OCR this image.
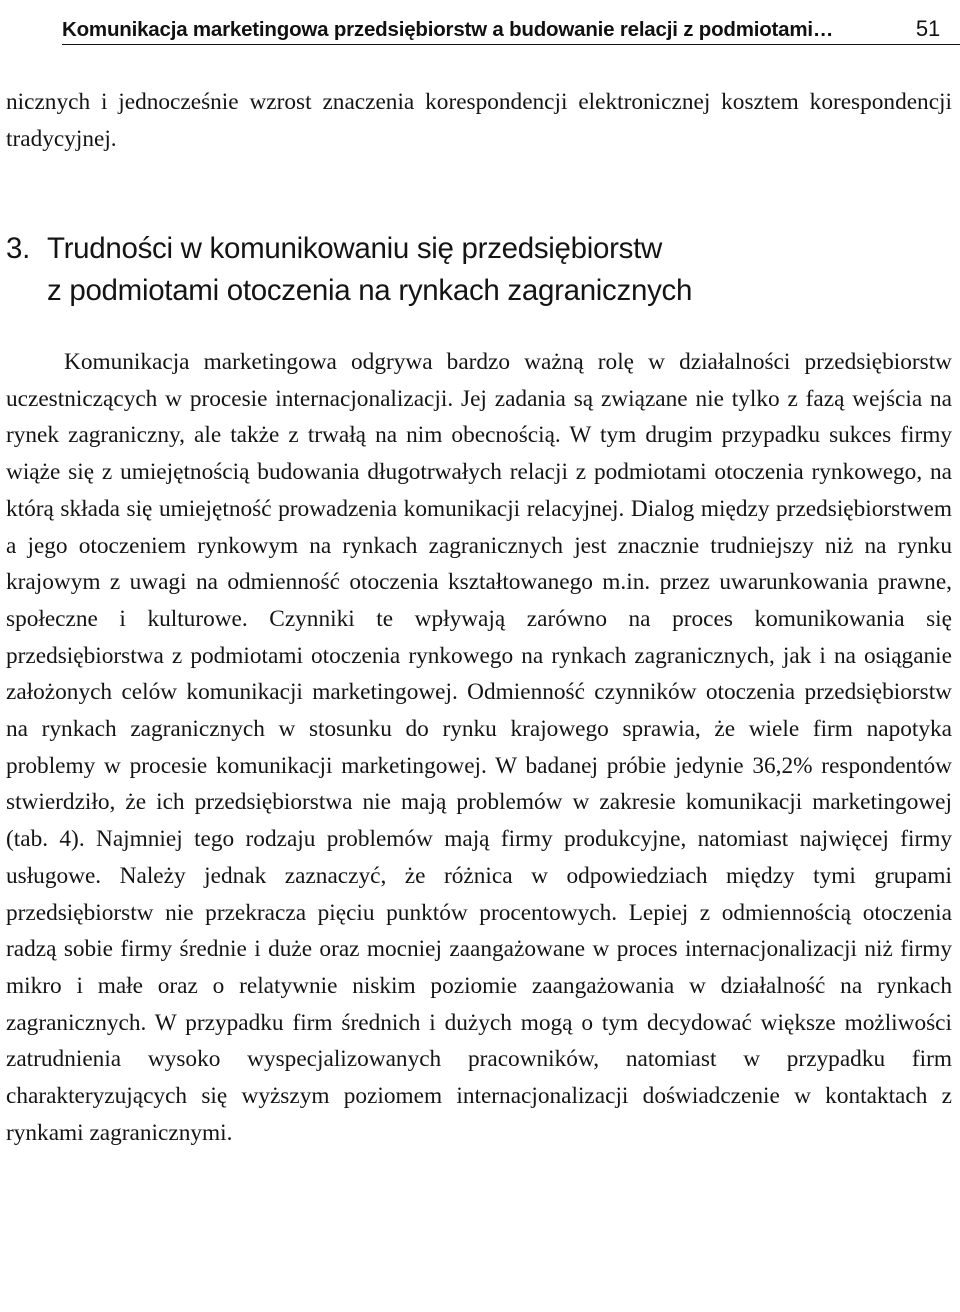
Komunikacja marketingowa przedsiębiorstw a budowanie relacji z podmiotami…	51

nicznych i jednocześnie wzrost znaczenia korespondencji elektronicznej kosztem korespondencji tradycyjnej.

3. Trudności w komunikowaniu się przedsiębiorstw
z podmiotami otoczenia na rynkach zagranicznych

Komunikacja marketingowa odgrywa bardzo ważną rolę w działalności przedsiębiorstw uczestniczących w procesie internacjonalizacji. Jej zadania są związane nie tylko z fazą wejścia na rynek zagraniczny, ale także z trwałą na nim obecnością. W tym drugim przypadku sukces firmy wiąże się z umiejętnością budowania długotrwałych relacji z podmiotami otoczenia rynkowego, na którą składa się umiejętność prowadzenia komunikacji relacyjnej. Dialog między przedsiębiorstwem a jego otoczeniem rynkowym na rynkach zagranicznych jest znacznie trudniejszy niż na rynku krajowym z uwagi na odmienność otoczenia kształtowanego m.in. przez uwarunkowania prawne, społeczne i kulturowe. Czynniki te wpływają zarówno na proces komunikowania się przedsiębiorstwa z podmiotami otoczenia rynkowego na rynkach zagranicznych, jak i na osiąganie założonych celów komunikacji marketingowej. Odmienność czynników otoczenia przedsiębiorstw na rynkach zagranicznych w stosunku do rynku krajowego sprawia, że wiele firm napotyka problemy w procesie komunikacji marketingowej. W badanej próbie jedynie 36,2% respondentów stwierdziło, że ich przedsiębiorstwa nie mają problemów w zakresie komunikacji marketingowej (tab. 4). Najmniej tego rodzaju problemów mają firmy produkcyjne, natomiast najwięcej firmy usługowe. Należy jednak zaznaczyć, że różnica w odpowiedziach między tymi grupami przedsiębiorstw nie przekracza pięciu punktów procentowych. Lepiej z odmiennością otoczenia radzą sobie firmy średnie i duże oraz mocniej zaangażowane w proces internacjonalizacji niż firmy mikro i małe oraz o relatywnie niskim poziomie zaangażowania w działalność na rynkach zagranicznych. W przypadku firm średnich i dużych mogą o tym decydować większe możliwości zatrudnienia wysoko wyspecjalizowanych pracowników, natomiast w przypadku firm charakteryzujących się wyższym poziomem internacjonalizacji doświadczenie w kontaktach z rynkami zagranicznymi.
